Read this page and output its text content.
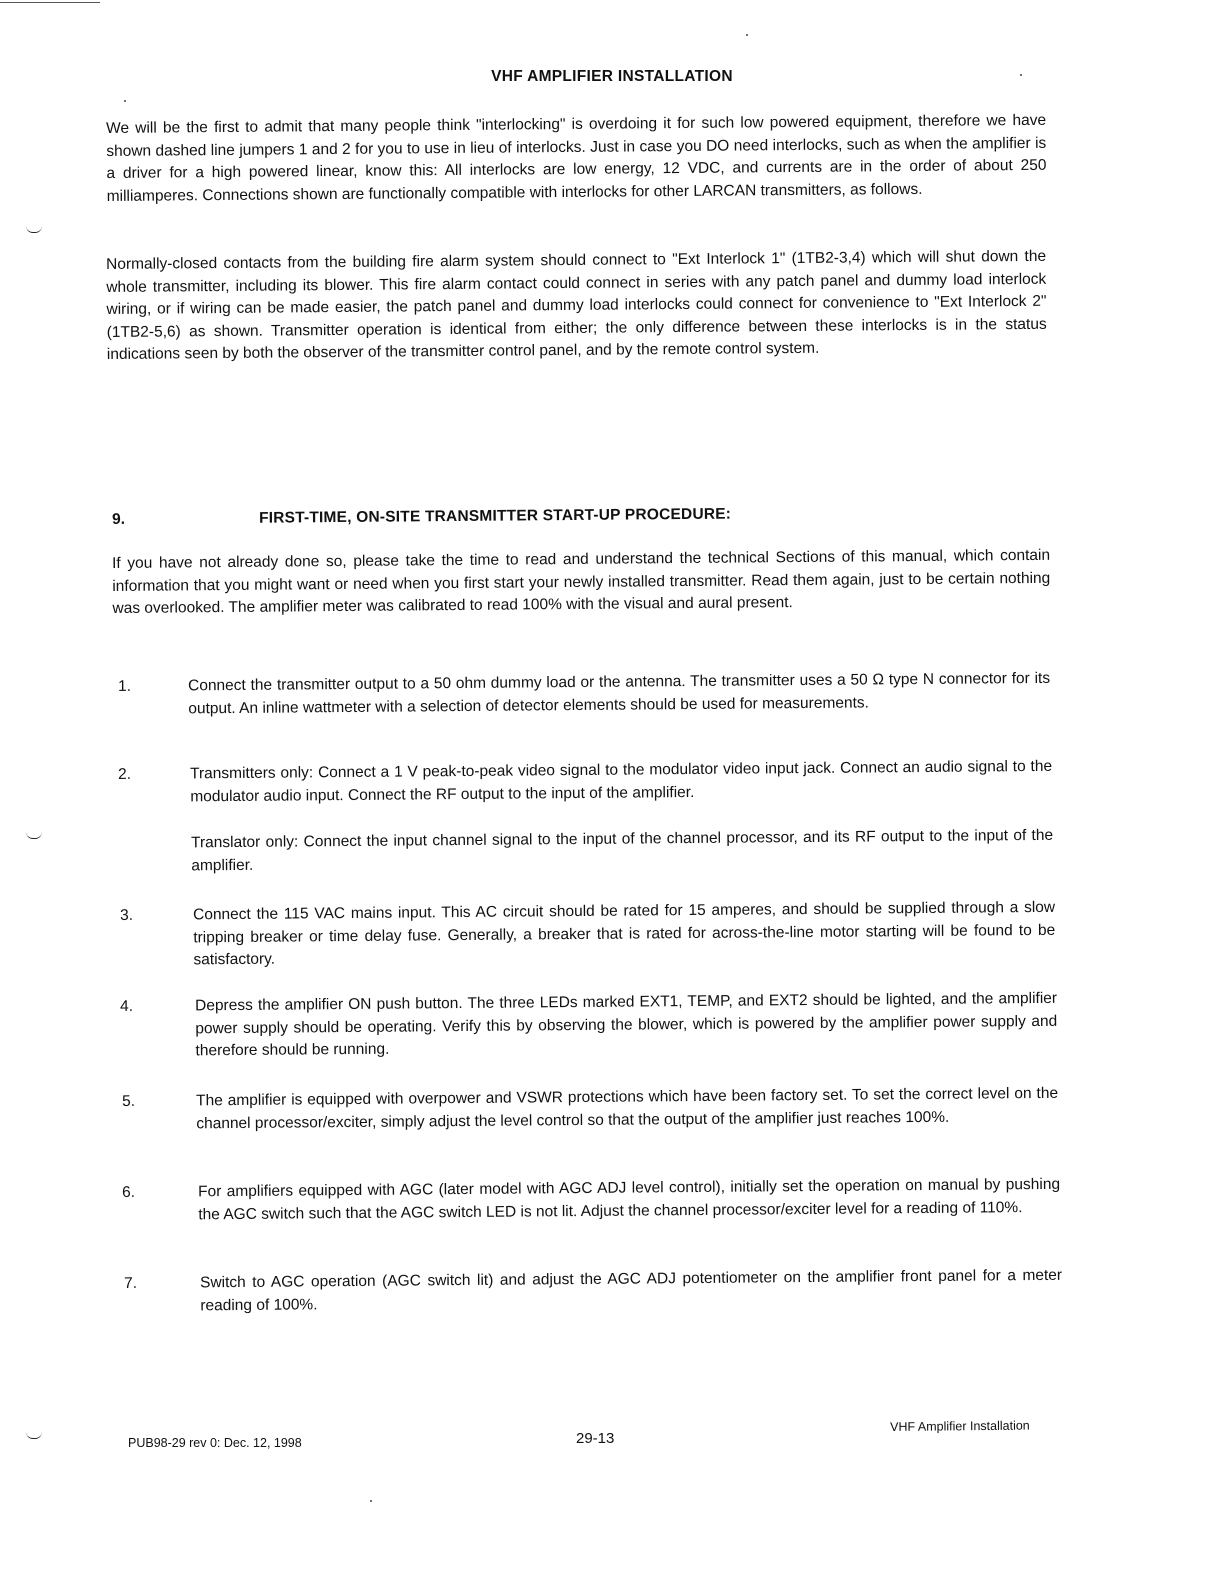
VHF AMPLIFIER INSTALLATION
We will be the first to admit that many people think "interlocking" is overdoing it for such low powered equipment, therefore we have shown dashed line jumpers 1 and 2 for you to use in lieu of interlocks. Just in case you DO need interlocks, such as when the amplifier is a driver for a high powered linear, know this: All interlocks are low energy, 12 VDC, and currents are in the order of about 250 milliamperes. Connections shown are functionally compatible with interlocks for other LARCAN transmitters, as follows.
Normally-closed contacts from the building fire alarm system should connect to "Ext Interlock 1" (1TB2-3,4) which will shut down the whole transmitter, including its blower. This fire alarm contact could connect in series with any patch panel and dummy load interlock wiring, or if wiring can be made easier, the patch panel and dummy load interlocks could connect for convenience to "Ext Interlock 2" (1TB2-5,6) as shown. Transmitter operation is identical from either; the only difference between these interlocks is in the status indications seen by both the observer of the transmitter control panel, and by the remote control system.
9.	FIRST-TIME, ON-SITE TRANSMITTER START-UP PROCEDURE:
If you have not already done so, please take the time to read and understand the technical Sections of this manual, which contain information that you might want or need when you first start your newly installed transmitter. Read them again, just to be certain nothing was overlooked. The amplifier meter was calibrated to read 100% with the visual and aural present.
1.	Connect the transmitter output to a 50 ohm dummy load or the antenna. The transmitter uses a 50 Ω type N connector for its output. An inline wattmeter with a selection of detector elements should be used for measurements.
2.	Transmitters only: Connect a 1 V peak-to-peak video signal to the modulator video input jack. Connect an audio signal to the modulator audio input. Connect the RF output to the input of the amplifier.
Translator only: Connect the input channel signal to the input of the channel processor, and its RF output to the input of the amplifier.
3.	Connect the 115 VAC mains input. This AC circuit should be rated for 15 amperes, and should be supplied through a slow tripping breaker or time delay fuse. Generally, a breaker that is rated for across-the-line motor starting will be found to be satisfactory.
4.	Depress the amplifier ON push button. The three LEDs marked EXT1, TEMP, and EXT2 should be lighted, and the amplifier power supply should be operating. Verify this by observing the blower, which is powered by the amplifier power supply and therefore should be running.
5.	The amplifier is equipped with overpower and VSWR protections which have been factory set. To set the correct level on the channel processor/exciter, simply adjust the level control so that the output of the amplifier just reaches 100%.
6.	For amplifiers equipped with AGC (later model with AGC ADJ level control), initially set the operation on manual by pushing the AGC switch such that the AGC switch LED is not lit. Adjust the channel processor/exciter level for a reading of 110%.
7.	Switch to AGC operation (AGC switch lit) and adjust the AGC ADJ potentiometer on the amplifier front panel for a meter reading of 100%.
PUB98-29 rev 0: Dec. 12, 1998	29-13
VHF Amplifier Installation
